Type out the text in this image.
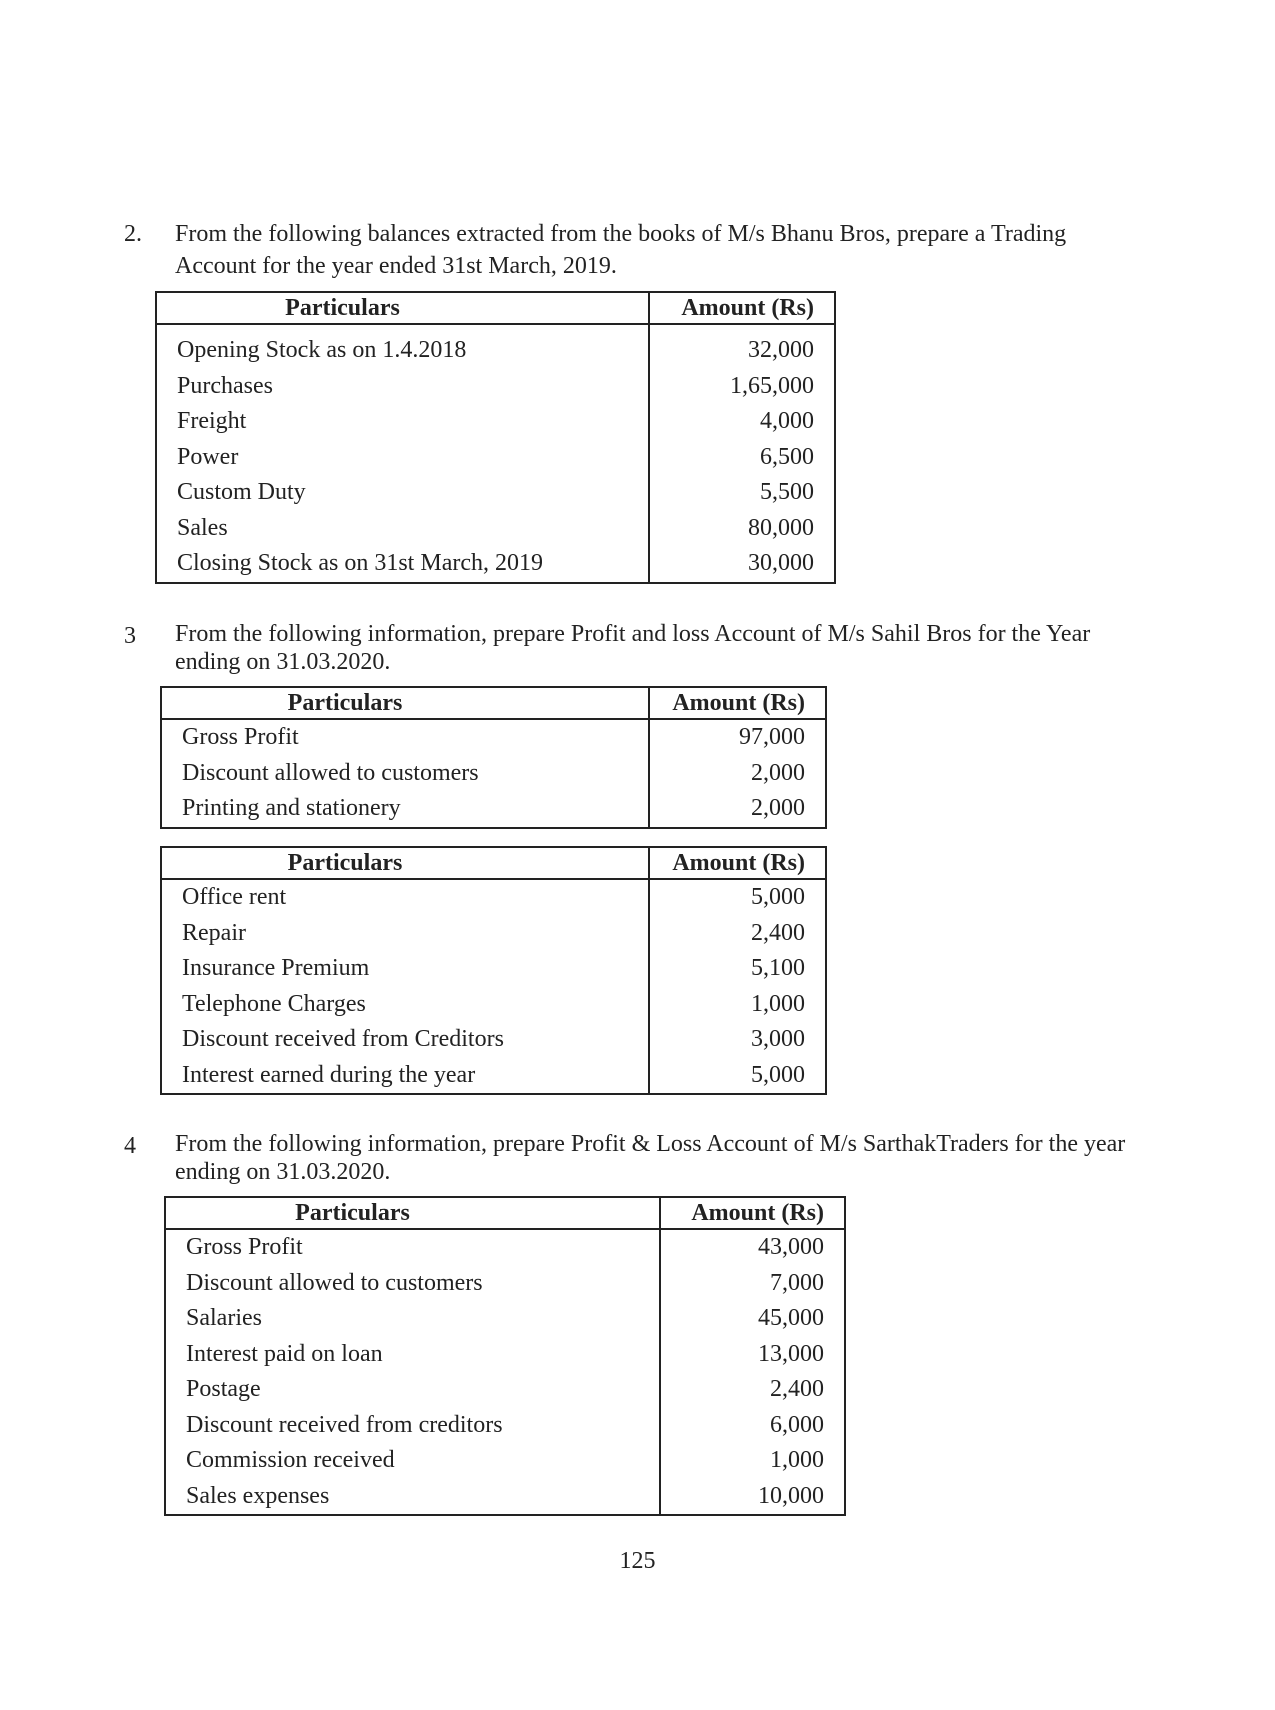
2. From the following balances extracted from the books of M/s Bhanu Bros, prepare a Trading Account for the year ended 31st March, 2019.
Particulars	Amount (Rs)
Opening Stock as on 1.4.2018	32,000
Purchases	1,65,000
Freight	4,000
Power	6,500
Custom Duty	5,500
Sales	80,000
Closing Stock as on 31st March, 2019	30,000
3 From the following information, prepare Profit and loss Account of M/s Sahil Bros for the Year ending on 31.03.2020.
Particulars	Amount (Rs)
Gross Profit	97,000
Discount allowed to customers	2,000
Printing and stationery	2,000
Particulars	Amount (Rs)
Office rent	5,000
Repair	2,400
Insurance Premium	5,100
Telephone Charges	1,000
Discount received from Creditors	3,000
Interest earned during the year	5,000
4 From the following information, prepare Profit & Loss Account of M/s SarthakTraders for the year ending on 31.03.2020.
Particulars	Amount (Rs)
Gross Profit	43,000
Discount allowed to customers	7,000
Salaries	45,000
Interest paid on loan	13,000
Postage	2,400
Discount received from creditors	6,000
Commission received	1,000
Sales expenses	10,000
125
